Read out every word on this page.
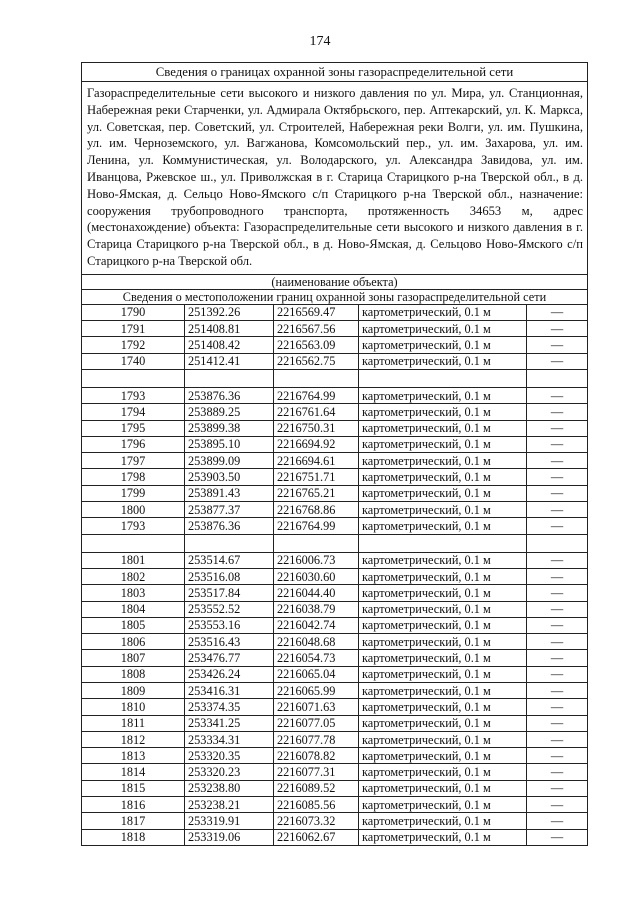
174
Сведения о границах охранной зоны газораспределительной сети				
Газораспределительные сети высокого и низкого давления по ул. Мира, ул. Станционная, Набережная реки Старченки, ул. Адмирала Октябрьского, пер. Аптекарский, ул. К. Маркса, ул. Советская, пер. Советский, ул. Строителей, Набережная реки Волги, ул. им. Пушкина, ул. им. Черноземского, ул. Вагжанова, Комсомольский пер., ул. им. Захарова, ул. им. Ленина, ул. Коммунистическая, ул. Володарского, ул. Александра Завидова, ул. им. Иванцова, Ржевское ш., ул. Приволжская в г. Старица Старицкого р-на Тверской обл., в д. Ново-Ямская, д. Сельцо Ново-Ямского с/п Старицкого р-на Тверской обл., назначение: сооружения трубопроводного транспорта, протяженность 34653 м, адрес (местонахождение) объекта: Газораспределительные сети высокого и низкого давления в г. Старица Старицкого р-на Тверской обл., в д. Ново-Ямская, д. Сельцово Ново-Ямского с/п Старицкого р-на Тверской обл.				
(наименование объекта)				
Сведения о местоположении границ охранной зоны газораспределительной сети				
1790	251392.26	2216569.47	картометрический, 0.1 м	—
1791	251408.81	2216567.56	картометрический, 0.1 м	—
1792	251408.42	2216563.09	картометрический, 0.1 м	—
1740	251412.41	2216562.75	картометрический, 0.1 м	—

1793	253876.36	2216764.99	картометрический, 0.1 м	—
1794	253889.25	2216761.64	картометрический, 0.1 м	—
1795	253899.38	2216750.31	картометрический, 0.1 м	—
1796	253895.10	2216694.92	картометрический, 0.1 м	—
1797	253899.09	2216694.61	картометрический, 0.1 м	—
1798	253903.50	2216751.71	картометрический, 0.1 м	—
1799	253891.43	2216765.21	картометрический, 0.1 м	—
1800	253877.37	2216768.86	картометрический, 0.1 м	—
1793	253876.36	2216764.99	картометрический, 0.1 м	—

1801	253514.67	2216006.73	картометрический, 0.1 м	—
1802	253516.08	2216030.60	картометрический, 0.1 м	—
1803	253517.84	2216044.40	картометрический, 0.1 м	—
1804	253552.52	2216038.79	картометрический, 0.1 м	—
1805	253553.16	2216042.74	картометрический, 0.1 м	—
1806	253516.43	2216048.68	картометрический, 0.1 м	—
1807	253476.77	2216054.73	картометрический, 0.1 м	—
1808	253426.24	2216065.04	картометрический, 0.1 м	—
1809	253416.31	2216065.99	картометрический, 0.1 м	—
1810	253374.35	2216071.63	картометрический, 0.1 м	—
1811	253341.25	2216077.05	картометрический, 0.1 м	—
1812	253334.31	2216077.78	картометрический, 0.1 м	—
1813	253320.35	2216078.82	картометрический, 0.1 м	—
1814	253320.23	2216077.31	картометрический, 0.1 м	—
1815	253238.80	2216089.52	картометрический, 0.1 м	—
1816	253238.21	2216085.56	картометрический, 0.1 м	—
1817	253319.91	2216073.32	картометрический, 0.1 м	—
1818	253319.06	2216062.67	картометрический, 0.1 м	—
